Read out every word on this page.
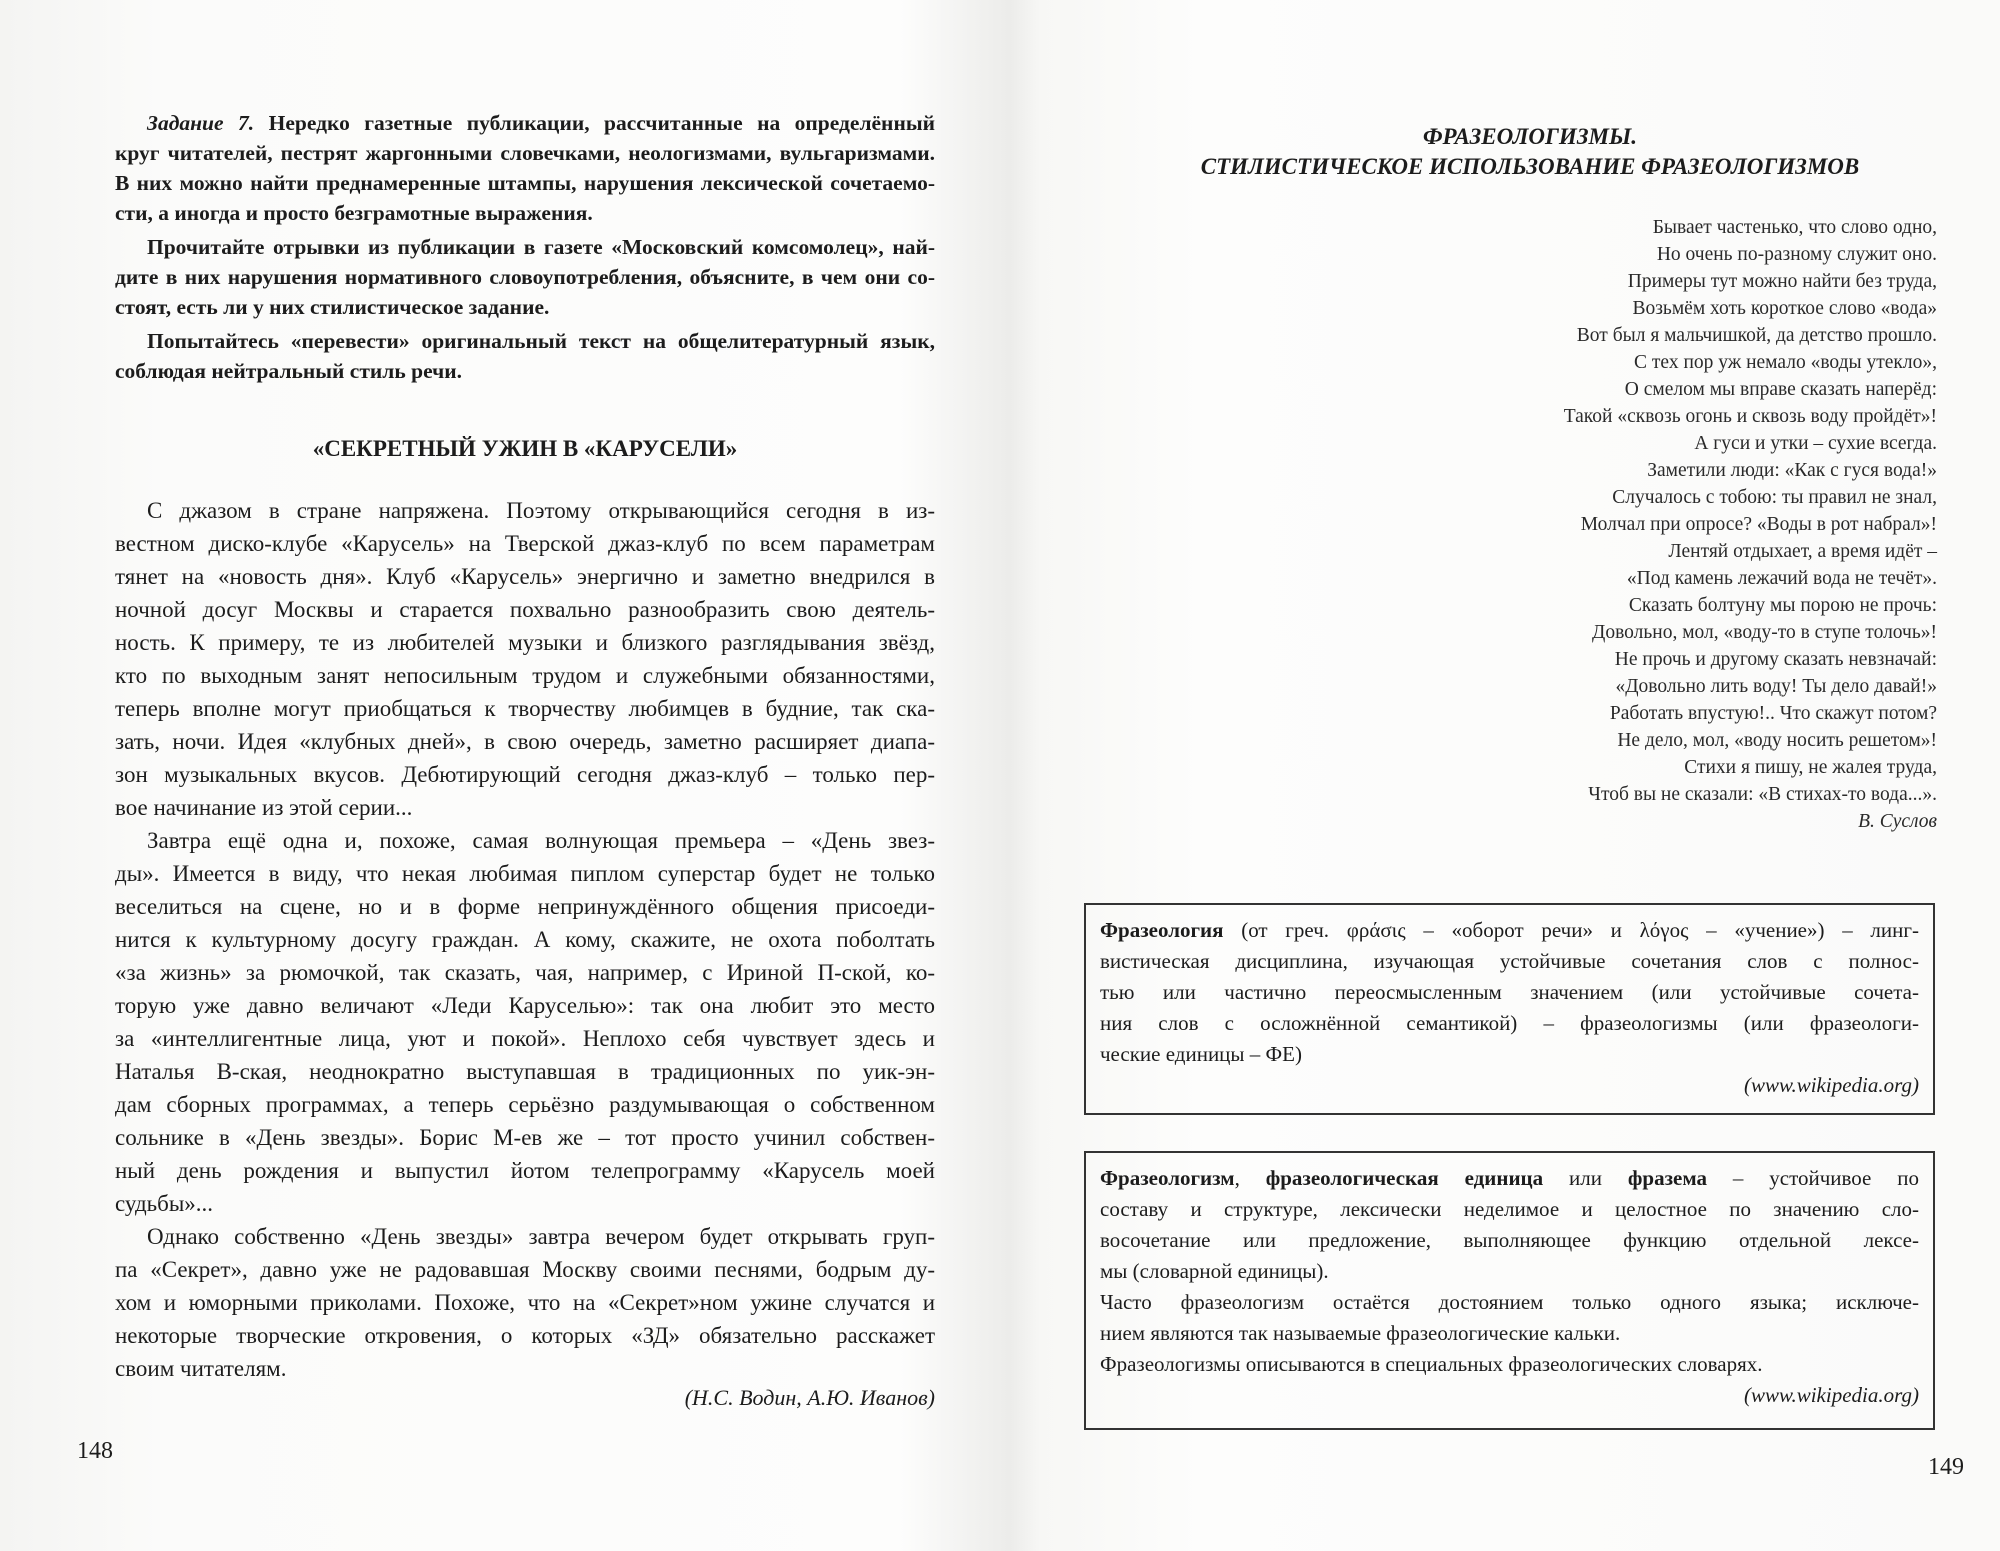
Задание 7. Нередко газетные публикации, рассчитанные на определённый
круг читателей, пестрят жаргонными словечками, неологизмами, вульгаризмами.
В них можно найти преднамеренные штампы, нарушения лексической сочетаемо-
сти, а иногда и просто безграмотные выражения.
Прочитайте отрывки из публикации в газете «Московский комсомолец», най-
дите в них нарушения нормативного словоупотребления, объясните, в чем они со-
стоят, есть ли у них стилистическое задание.
Попытайтесь «перевести» оригинальный текст на общелитературный язык,
соблюдая нейтральный стиль речи.
«СЕКРЕТНЫЙ УЖИН В «КАРУСЕЛИ»
С джазом в стране напряжена. Поэтому открывающийся сегодня в из-
вестном диско-клубе «Карусель» на Тверской джаз-клуб по всем параметрам
тянет на «новость дня». Клуб «Карусель» энергично и заметно внедрился в
ночной досуг Москвы и старается похвально разнообразить свою деятель-
ность. К примеру, те из любителей музыки и близкого разглядывания звёзд,
кто по выходным занят непосильным трудом и служебными обязанностями,
теперь вполне могут приобщаться к творчеству любимцев в будние, так ска-
зать, ночи. Идея «клубных дней», в свою очередь, заметно расширяет диапа-
зон музыкальных вкусов. Дебютирующий сегодня джаз-клуб – только пер-
вое начинание из этой серии...
Завтра ещё одна и, похоже, самая волнующая премьера – «День звез-
ды». Имеется в виду, что некая любимая пиплом суперстар будет не только
веселиться на сцене, но и в форме непринуждённого общения присоеди-
нится к культурному досугу граждан. А кому, скажите, не охота поболтать
«за жизнь» за рюмочкой, так сказать, чая, например, с Ириной П-ской, ко-
торую уже давно величают «Леди Каруселью»: так она любит это место
за «интеллигентные лица, уют и покой». Неплохо себя чувствует здесь и
Наталья В-ская, неоднократно выступавшая в традиционных по уик-эн-
дам сборных программах, а теперь серьёзно раздумывающая о собственном
сольнике в «День звезды». Борис М-ев же – тот просто учинил собствен-
ный день рождения и выпустил йотом телепрограмму «Карусель моей
судьбы»...
Однако собственно «День звезды» завтра вечером будет открывать груп-
па «Секрет», давно уже не радовавшая Москву своими песнями, бодрым ду-
хом и юморными приколами. Похоже, что на «Секрет»ном ужине случатся и
некоторые творческие откровения, о которых «ЗД» обязательно расскажет
своим читателям.
(Н.С. Водин, А.Ю. Иванов)
148
ФРАЗЕОЛОГИЗМЫ.
СТИЛИСТИЧЕСКОЕ ИСПОЛЬЗОВАНИЕ ФРАЗЕОЛОГИЗМОВ
Бывает частенько, что слово одно,
Но очень по-разному служит оно.
Примеры тут можно найти без труда,
Возьмём хоть короткое слово «вода»
Вот был я мальчишкой, да детство прошло.
С тех пор уж немало «воды утекло»,
О смелом мы вправе сказать наперёд:
Такой «сквозь огонь и сквозь воду пройдёт»!
А гуси и утки – сухие всегда.
Заметили люди: «Как с гуся вода!»
Случалось с тобою: ты правил не знал,
Молчал при опросе? «Воды в рот набрал»!
Лентяй отдыхает, а время идёт –
«Под камень лежачий вода не течёт».
Сказать болтуну мы порою не прочь:
Довольно, мол, «воду-то в ступе толочь»!
Не прочь и другому сказать невзначай:
«Довольно лить воду! Ты дело давай!»
Работать впустую!.. Что скажут потом?
Не дело, мол, «воду носить решетом»!
Стихи я пишу, не жалея труда,
Чтоб вы не сказали: «В стихах-то вода...».
В. Суслов
Фразеология (от греч. φράσις – «оборот речи» и λόγος – «учение») – линг-
вистическая дисциплина, изучающая устойчивые сочетания слов с полнос-
тью или частично переосмысленным значением (или устойчивые сочета-
ния слов с осложнённой семантикой) – фразеологизмы (или фразеологи-
ческие единицы – ФЕ)
(www.wikipedia.org)
Фразеологизм, фразеологическая единица или фразема – устойчивое по
составу и структуре, лексически неделимое и целостное по значению сло-
восочетание или предложение, выполняющее функцию отдельной лексе-
мы (словарной единицы).
Часто фразеологизм остаётся достоянием только одного языка; исключе-
нием являются так называемые фразеологические кальки.
Фразеологизмы описываются в специальных фразеологических словарях.
(www.wikipedia.org)
149
